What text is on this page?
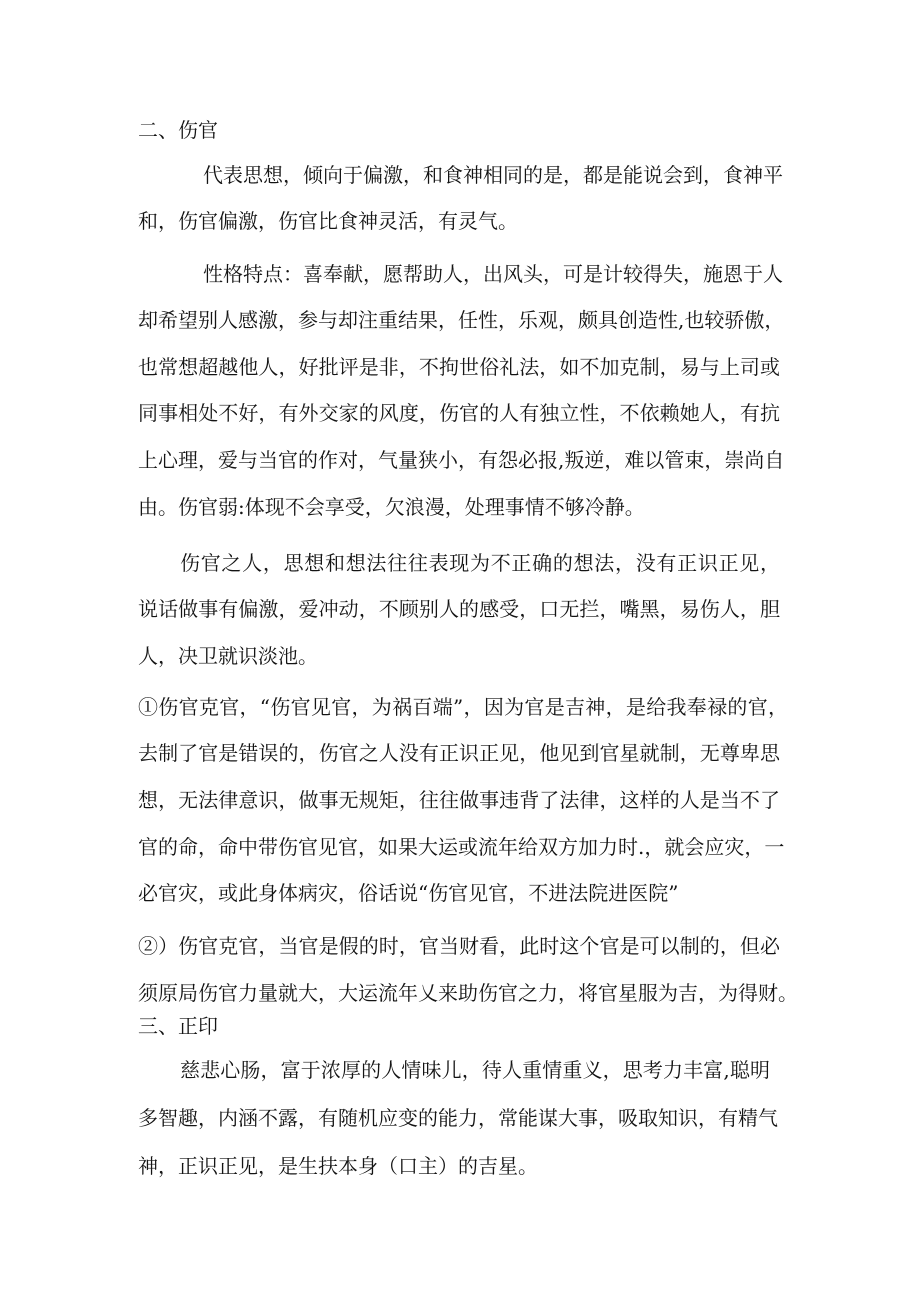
二、伤官
代表思想，倾向于偏激，和食神相同的是，都是能说会到，食神平
和，伤官偏激，伤官比食神灵活，有灵气。
性格特点：喜奉献，愿帮助人，出风头，可是计较得失，施恩于人
却希望别人感激，参与却注重结果，任性，乐观，颇具创造性,也较骄傲，
也常想超越他人，好批评是非，不拘世俗礼法，如不加克制，易与上司或
同事相处不好，有外交家的风度，伤官的人有独立性，不依赖她人，有抗
上心理，爱与当官的作对，气量狭小，有怨必报,叛逆，难以管束，崇尚自
由。伤官弱:体现不会享受，欠浪漫，处理事情不够冷静。
伤官之人，思想和想法往往表现为不正确的想法，没有正识正见，
说话做事有偏激，爱冲动，不顾别人的感受，口无拦，嘴黑，易伤人，胆
人，决卫就识淡池。
①伤官克官，“伤官见官，为祸百端”，因为官是吉神，是给我奉禄的官，
去制了官是错误的，伤官之人没有正识正见，他见到官星就制，无尊卑思
想，无法律意识，做事无规矩，往往做事违背了法律，这样的人是当不了
官的命，命中带伤官见官，如果大运或流年给双方加力时.，就会应灾，一
必官灾，或此身体病灾，俗话说“伤官见官，不进法院进医院”
②）伤官克官，当官是假的时，官当财看，此时这个官是可以制的，但必
须原局伤官力量就大，大运流年乂来助伤官之力，将官星服为吉，为得财。
三、正印
慈悲心肠，富于浓厚的人情味儿，待人重情重义，思考力丰富,聪明
多智趣，内涵不露，有随机应变的能力，常能谋大事，吸取知识，有精气
神，正识正见，是生扶本身（口主）的吉星。
